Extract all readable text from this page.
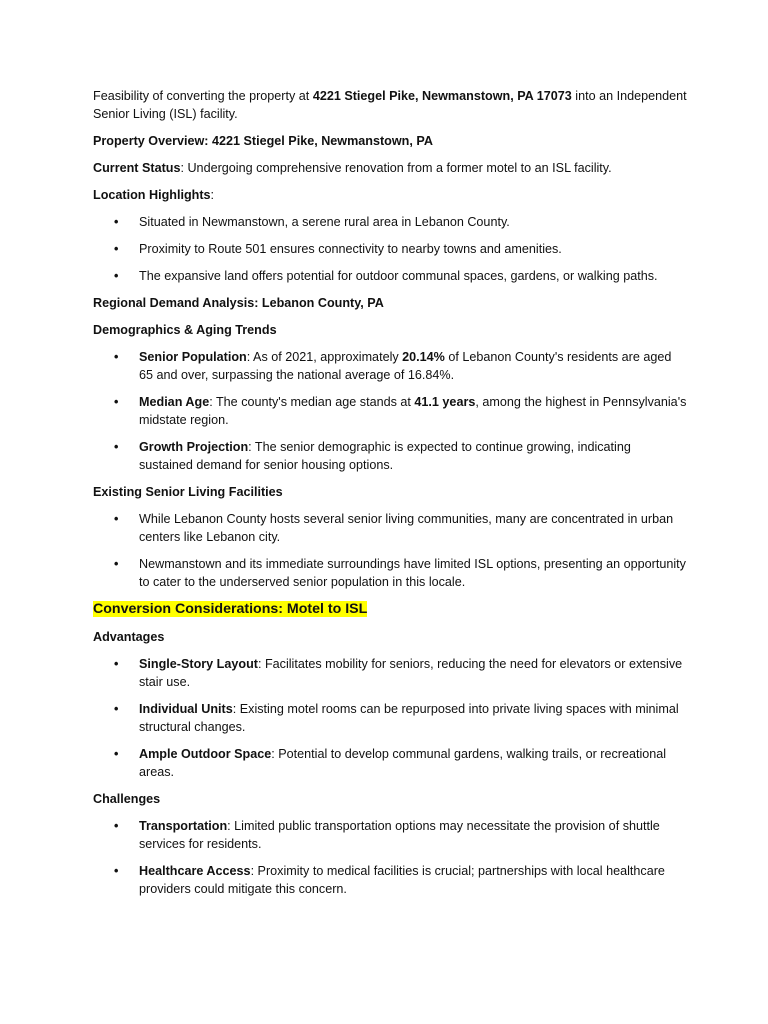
Feasibility of converting the property at 4221 Stiegel Pike, Newmanstown, PA 17073 into an Independent Senior Living (ISL) facility.

Property Overview: 4221 Stiegel Pike, Newmanstown, PA

Current Status: Undergoing comprehensive renovation from a former motel to an ISL facility.

Location Highlights:

• Situated in Newmanstown, a serene rural area in Lebanon County.
• Proximity to Route 501 ensures connectivity to nearby towns and amenities.
• The expansive land offers potential for outdoor communal spaces, gardens, or walking paths.

Regional Demand Analysis: Lebanon County, PA

Demographics & Aging Trends

• Senior Population: As of 2021, approximately 20.14% of Lebanon County's residents are aged 65 and over, surpassing the national average of 16.84%.
• Median Age: The county's median age stands at 41.1 years, among the highest in Pennsylvania's midstate region.
• Growth Projection: The senior demographic is expected to continue growing, indicating sustained demand for senior housing options.

Existing Senior Living Facilities

• While Lebanon County hosts several senior living communities, many are concentrated in urban centers like Lebanon city.
• Newmanstown and its immediate surroundings have limited ISL options, presenting an opportunity to cater to the underserved senior population in this locale.

Conversion Considerations: Motel to ISL

Advantages

• Single-Story Layout: Facilitates mobility for seniors, reducing the need for elevators or extensive stair use.
• Individual Units: Existing motel rooms can be repurposed into private living spaces with minimal structural changes.
• Ample Outdoor Space: Potential to develop communal gardens, walking trails, or recreational areas.

Challenges

• Transportation: Limited public transportation options may necessitate the provision of shuttle services for residents.
• Healthcare Access: Proximity to medical facilities is crucial; partnerships with local healthcare providers could mitigate this concern.
